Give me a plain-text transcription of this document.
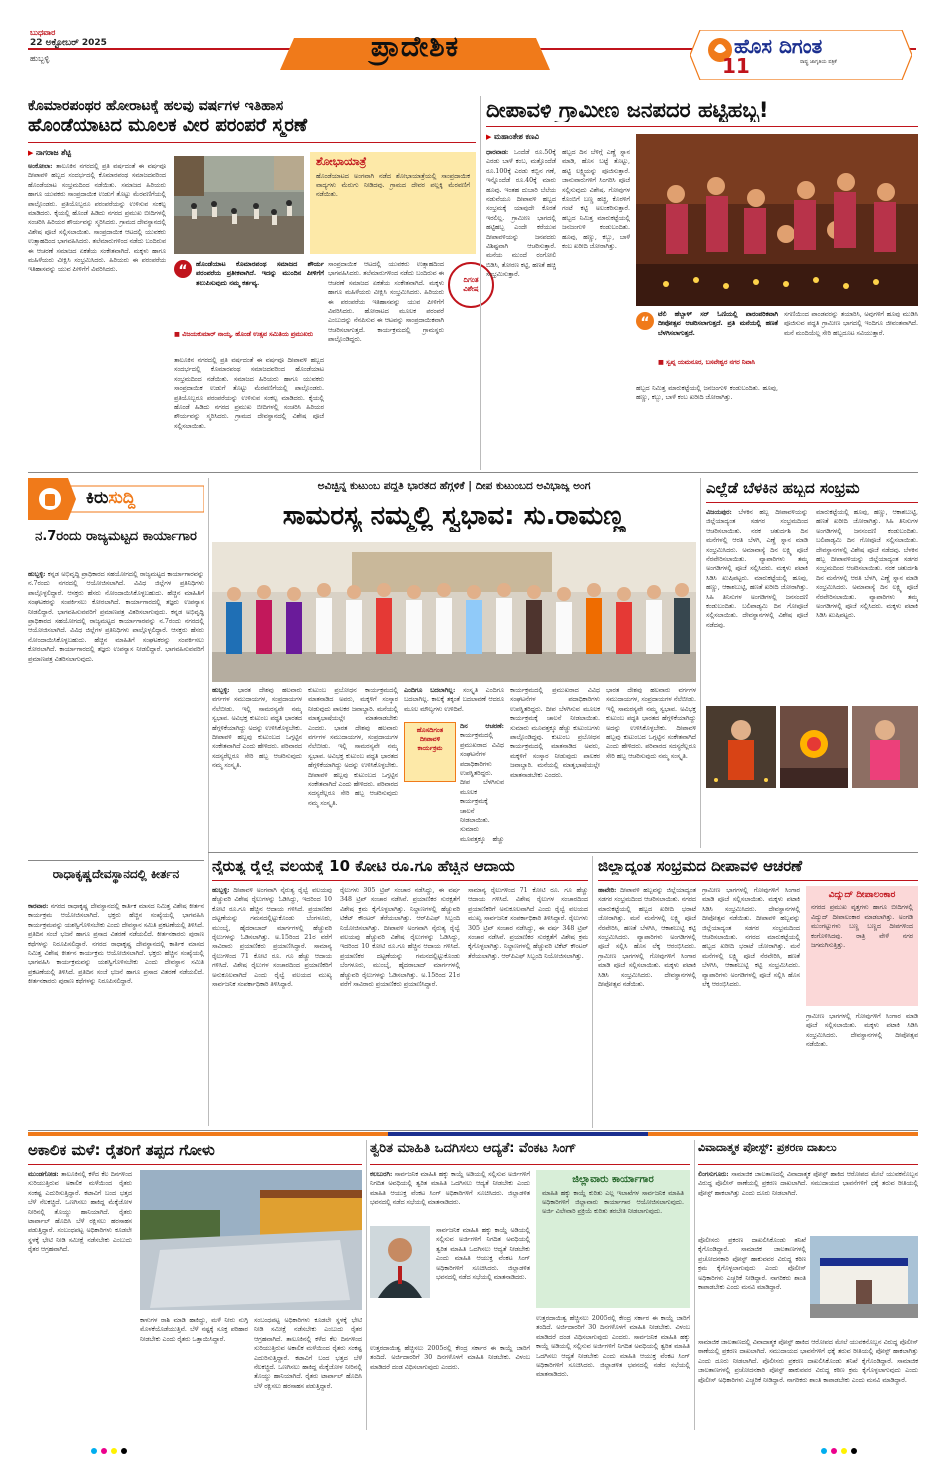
ಬುಧವಾರ
22 ಅಕ್ಟೋಬರ್ 2025
ಹುಬ್ಬಳ್ಳಿ	ಪ್ರಾದೇಶಿಕ	ಹೊಸ ದಿಗಂತ
ರಾಷ್ಟ್ರ ಜಾಗೃತಿಯ ಪತ್ರಿಕೆ
11
ಕೊಮಾರಪಂಥರ ಹೋರಾಟಕ್ಕೆ ಹಲವು ವರ್ಷಗಳ ಇತಿಹಾಸ
ಹೊಂಡೆಯಾಟದ ಮೂಲಕ ವೀರ ಪರಂಪರೆ ಸ್ಮರಣೆ
▶ ನಾಗರಾಜ ಶೆಟ್ಟಿ
ಅಂಕೋಲಾ: ತಾಲೂಕಿನ ನಗರದಲ್ಲಿ ಪ್ರತಿ ವರ್ಷದಂತೆ ಈ ವರ್ಷವೂ ದೀಪಾವಳಿ ಹಬ್ಬದ ಸಂದರ್ಭದಲ್ಲಿ ಕೊಮಾರಪಂಥ ಸಮಾಜದವರಿಂದ ಹೊಂಡೆಯಾಟ ಸಂಭ್ರಮದಿಂದ ನಡೆಯಿತು. ಸಮಾಜದ ಹಿರಿಯರು ಹಾಗೂ ಯುವಕರು ಸಾಂಪ್ರದಾಯಿಕ ಉಡುಗೆ ತೊಟ್ಟು ಮೆರವಣಿಗೆಯಲ್ಲಿ ಪಾಲ್ಗೊಂಡರು. ಪ್ರತಿಯೊಬ್ಬರೂ ಪರಂಪರೆಯನ್ನು ಉಳಿಸುವ ಸಂಕಲ್ಪ ಮಾಡಿದರು. ಕೈಯಲ್ಲಿ ಹೊಂಡೆ ಹಿಡಿದು ನಗರದ ಪ್ರಮುಖ ಬೀದಿಗಳಲ್ಲಿ ಸಂಚರಿಸಿ ಹಿರಿಯರ ಶೌರ್ಯವನ್ನು ಸ್ಮರಿಸಿದರು. ಗ್ರಾಮದ ದೇವಸ್ಥಾನದಲ್ಲಿ ವಿಶೇಷ ಪೂಜೆ ಸಲ್ಲಿಸಲಾಯಿತು. ಸಾಂಪ್ರದಾಯಿಕ ಆಟದಲ್ಲಿ ಯುವಕರು ಉತ್ಸಾಹದಿಂದ ಭಾಗವಹಿಸಿದರು. ತಲೆಮಾರುಗಳಿಂದ ನಡೆದು ಬಂದಿರುವ ಈ ಆಚರಣೆ ಸಮಾಜದ ಏಕತೆಯ ಸಂಕೇತವಾಗಿದೆ. ಮಕ್ಕಳು ಹಾಗೂ ಮಹಿಳೆಯರು ವೀಕ್ಷಿಸಿ ಸಂಭ್ರಮಿಸಿದರು. ಹಿರಿಯರು ಈ ಪರಂಪರೆಯ ಇತಿಹಾಸವನ್ನು ಯುವ ಪೀಳಿಗೆಗೆ ವಿವರಿಸಿದರು.
ಶೋಭಾಯಾತ್ರೆ
ಹೊಂಡೆಯಾಟದ ಅಂಗವಾಗಿ ನಡೆದ ಶೋಭಾಯಾತ್ರೆಯಲ್ಲಿ ಸಾಂಪ್ರದಾಯಿಕ ವಾದ್ಯಗಳು ಮೆರುಗು ನೀಡಿದವು. ಗ್ರಾಮದ ದೇವರ ಪಲ್ಲಕ್ಕಿ ಮೆರವಣಿಗೆ ನಡೆಯಿತು.
“	ಹೊಂಡೆಯಾಟ ಕೊಮಾರಪಂಥ ಸಮಾಜದ ಶೌರ್ಯ ಪರಂಪರೆಯ ಪ್ರತೀಕವಾಗಿದೆ. ಇದನ್ನು ಮುಂದಿನ ಪೀಳಿಗೆಗೆ ತಲುಪಿಸುವುದು ನಮ್ಮ ಕರ್ತವ್ಯ.
■ ವಿಜಯಕುಮಾರ್ ನಾಯ್ಕ, ಹೊಂಡೆ ಉತ್ಸವ ಸಮಿತಿಯ ಪ್ರಮುಖರು
ದಿಗಂತ
ವಿಶೇಷ
ಸಾಂಪ್ರದಾಯಿಕ ಆಟದಲ್ಲಿ ಯುವಕರು ಉತ್ಸಾಹದಿಂದ ಭಾಗವಹಿಸಿದರು. ತಲೆಮಾರುಗಳಿಂದ ನಡೆದು ಬಂದಿರುವ ಈ ಆಚರಣೆ ಸಮಾಜದ ಏಕತೆಯ ಸಂಕೇತವಾಗಿದೆ. ಮಕ್ಕಳು ಹಾಗೂ ಮಹಿಳೆಯರು ವೀಕ್ಷಿಸಿ ಸಂಭ್ರಮಿಸಿದರು. ಹಿರಿಯರು ಈ ಪರಂಪರೆಯ ಇತಿಹಾಸವನ್ನು ಯುವ ಪೀಳಿಗೆಗೆ ವಿವರಿಸಿದರು. ಹೋರಾಟದ ಮೂಲಕ ಪರಂಪರೆ ಎಂಬುದನ್ನು ನೆನಪಿಸುವ ಈ ಆಟವನ್ನು ಸಾಂಪ್ರದಾಯಿಕವಾಗಿ ಆಚರಿಸಲಾಗುತ್ತದೆ. ಕಾರ್ಯಕ್ರಮದಲ್ಲಿ ಗ್ರಾಮಸ್ಥರು ಪಾಲ್ಗೊಂಡಿದ್ದರು.
ತಾಲೂಕಿನ ನಗರದಲ್ಲಿ ಪ್ರತಿ ವರ್ಷದಂತೆ ಈ ವರ್ಷವೂ ದೀಪಾವಳಿ ಹಬ್ಬದ ಸಂದರ್ಭದಲ್ಲಿ ಕೊಮಾರಪಂಥ ಸಮಾಜದವರಿಂದ ಹೊಂಡೆಯಾಟ ಸಂಭ್ರಮದಿಂದ ನಡೆಯಿತು. ಸಮಾಜದ ಹಿರಿಯರು ಹಾಗೂ ಯುವಕರು ಸಾಂಪ್ರದಾಯಿಕ ಉಡುಗೆ ತೊಟ್ಟು ಮೆರವಣಿಗೆಯಲ್ಲಿ ಪಾಲ್ಗೊಂಡರು. ಪ್ರತಿಯೊಬ್ಬರೂ ಪರಂಪರೆಯನ್ನು ಉಳಿಸುವ ಸಂಕಲ್ಪ ಮಾಡಿದರು. ಕೈಯಲ್ಲಿ ಹೊಂಡೆ ಹಿಡಿದು ನಗರದ ಪ್ರಮುಖ ಬೀದಿಗಳಲ್ಲಿ ಸಂಚರಿಸಿ ಹಿರಿಯರ ಶೌರ್ಯವನ್ನು ಸ್ಮರಿಸಿದರು. ಗ್ರಾಮದ ದೇವಸ್ಥಾನದಲ್ಲಿ ವಿಶೇಷ ಪೂಜೆ ಸಲ್ಲಿಸಲಾಯಿತು.
ದೀಪಾವಳಿ ಗ್ರಾಮೀಣ ಜನಪದರ ಹಟ್ಟಿಹಬ್ಬ!
▶ ಮಹಾಂತೇಶ ಕಣವಿ
ಧಾರವಾಡ: ಒಂದೆಡೆ ರೂ.50ಕ್ಕೆ ಎರಡು ಬಾಳೆ ಕಂಬ, ಮತ್ತೊಂದೆಡೆ ರೂ.100ಕ್ಕೆ ಎರಡು ಕಬ್ಬಿನ ಗಣೆ, ಇನ್ನೊಂದೆಡೆ ರೂ.40ಕ್ಕೆ ಮಾರು ಹೂವು. ಇಂತಹ ದುಬಾರಿ ಬೆಲೆಯ ನಡುವೆಯೂ ದೀಪಾವಳಿ ಹಬ್ಬದ ಸಂಭ್ರಮಕ್ಕೆ ಯಾವುದೇ ಕೊರತೆ ಇರಲಿಲ್ಲ. ಗ್ರಾಮೀಣ ಭಾಗದಲ್ಲಿ ಹಟ್ಟಿಹಬ್ಬ ಎಂದೇ ಕರೆಯುವ ದೀಪಾವಳಿಯನ್ನು ಜನಪದರು ವಿಶಿಷ್ಟವಾಗಿ ಆಚರಿಸುತ್ತಾರೆ. ಮನೆಯ ಮುಂದೆ ರಂಗೋಲಿ ಬಿಡಿಸಿ, ತೋರಣ ಕಟ್ಟಿ, ಹಣತೆ ಹಚ್ಚಿ ಸಂಭ್ರಮಿಸುತ್ತಾರೆ.
ಹಬ್ಬದ ದಿನ ಬೆಳಿಗ್ಗೆ ಎಣ್ಣೆ ಸ್ನಾನ ಮಾಡಿ, ಹೊಸ ಬಟ್ಟೆ ತೊಟ್ಟು, ಹಟ್ಟಿ ಲಕ್ಷ್ಮಿಯನ್ನು ಪೂಜಿಸುತ್ತಾರೆ. ಜಾನುವಾರುಗಳಿಗೆ ಸಿಂಗರಿಸಿ ಪೂಜೆ ಸಲ್ಲಿಸುವುದು ವಿಶೇಷ. ಗೋವುಗಳ ಕೊಂಬಿಗೆ ಬಣ್ಣ ಹಚ್ಚಿ, ಕೊರಳಿಗೆ ಗಂಟೆ ಕಟ್ಟಿ ಅಲಂಕರಿಸುತ್ತಾರೆ. ಹಬ್ಬದ ನಿಮಿತ್ತ ಮಾರುಕಟ್ಟೆಯಲ್ಲಿ ಜನಜಂಗುಳಿ ಕಂಡುಬಂದಿತು. ಹೂವು, ಹಣ್ಣು, ಕಬ್ಬು, ಬಾಳೆ ಕಂಬ ಖರೀದಿ ಜೋರಾಗಿತ್ತು.
“
ಟೆಲಿ ಹೆಬ್ಬಾಳ್ ಸರ್ ಓಣಿಯಲ್ಲಿ ಪಾರಂಪರಿಕವಾಗಿ ದೀಪೋತ್ಸವ ಆಚರಿಸಲಾಗುತ್ತದೆ. ಪ್ರತಿ ಮನೆಯಲ್ಲಿ ಹಣತೆ ಬೆಳಗಿಸಲಾಗುತ್ತದೆ.
■ ಸ್ವಪ್ನ ಯಮನೂರ, ಬಸವೇಶ್ವರ ನಗರ ನಿವಾಸಿ
ಹಬ್ಬದ ನಿಮಿತ್ತ ಮಾರುಕಟ್ಟೆಯಲ್ಲಿ ಜನಜಂಗುಳಿ ಕಂಡುಬಂದಿತು. ಹೂವು, ಹಣ್ಣು, ಕಬ್ಬು, ಬಾಳೆ ಕಂಬ ಖರೀದಿ ಜೋರಾಗಿತ್ತು.
ಸಗಣಿಯಿಂದ ಪಾಂಡವರನ್ನು ತಯಾರಿಸಿ, ಅವುಗಳಿಗೆ ಹೂವು ಮುಡಿಸಿ ಪೂಜಿಸುವ ಪದ್ಧತಿ ಗ್ರಾಮೀಣ ಭಾಗದಲ್ಲಿ ಇಂದಿಗೂ ಜೀವಂತವಾಗಿದೆ. ಮನೆ ಮಂದಿಯೆಲ್ಲ ಸೇರಿ ಹಬ್ಬದೂಟ ಸವಿಯುತ್ತಾರೆ.
ಕಿರುಸುದ್ದಿ
ನ.7ರಂದು ರಾಜ್ಯಮಟ್ಟದ ಕಾರ್ಯಾಗಾರ
ಹುಬ್ಬಳ್ಳಿ: ಕನ್ನಡ ಅಭಿವೃದ್ಧಿ ಪ್ರಾಧಿಕಾರದ ಸಹಯೋಗದಲ್ಲಿ ರಾಜ್ಯಮಟ್ಟದ ಕಾರ್ಯಾಗಾರವನ್ನು ನ.7ರಂದು ನಗರದಲ್ಲಿ ಆಯೋಜಿಸಲಾಗಿದೆ. ವಿವಿಧ ಜಿಲ್ಲೆಗಳ ಪ್ರತಿನಿಧಿಗಳು ಪಾಲ್ಗೊಳ್ಳಲಿದ್ದಾರೆ. ಆಸಕ್ತರು ಹೆಸರು ನೋಂದಾಯಿಸಿಕೊಳ್ಳಬಹುದು. ಹೆಚ್ಚಿನ ಮಾಹಿತಿಗೆ ಸಂಘಟಕರನ್ನು ಸಂಪರ್ಕಿಸಲು ಕೋರಲಾಗಿದೆ. ಕಾರ್ಯಾಗಾರದಲ್ಲಿ ತಜ್ಞರು ಉಪನ್ಯಾಸ ನೀಡಲಿದ್ದಾರೆ. ಭಾಗವಹಿಸುವವರಿಗೆ ಪ್ರಮಾಣಪತ್ರ ವಿತರಿಸಲಾಗುವುದು. ಕನ್ನಡ ಅಭಿವೃದ್ಧಿ ಪ್ರಾಧಿಕಾರದ ಸಹಯೋಗದಲ್ಲಿ ರಾಜ್ಯಮಟ್ಟದ ಕಾರ್ಯಾಗಾರವನ್ನು ನ.7ರಂದು ನಗರದಲ್ಲಿ ಆಯೋಜಿಸಲಾಗಿದೆ. ವಿವಿಧ ಜಿಲ್ಲೆಗಳ ಪ್ರತಿನಿಧಿಗಳು ಪಾಲ್ಗೊಳ್ಳಲಿದ್ದಾರೆ. ಆಸಕ್ತರು ಹೆಸರು ನೋಂದಾಯಿಸಿಕೊಳ್ಳಬಹುದು. ಹೆಚ್ಚಿನ ಮಾಹಿತಿಗೆ ಸಂಘಟಕರನ್ನು ಸಂಪರ್ಕಿಸಲು ಕೋರಲಾಗಿದೆ. ಕಾರ್ಯಾಗಾರದಲ್ಲಿ ತಜ್ಞರು ಉಪನ್ಯಾಸ ನೀಡಲಿದ್ದಾರೆ. ಭಾಗವಹಿಸುವವರಿಗೆ ಪ್ರಮಾಣಪತ್ರ ವಿತರಿಸಲಾಗುವುದು.
ರಾಧಾಕೃಷ್ಣದೇವಸ್ಥಾನದಲ್ಲಿ ಕೀರ್ತನ
ಕಾರವಾರ: ನಗರದ ರಾಧಾಕೃಷ್ಣ ದೇವಸ್ಥಾನದಲ್ಲಿ ಕಾರ್ತಿಕ ಮಾಸದ ನಿಮಿತ್ತ ವಿಶೇಷ ಕೀರ್ತನ ಕಾರ್ಯಕ್ರಮ ಆಯೋಜಿಸಲಾಗಿದೆ. ಭಕ್ತರು ಹೆಚ್ಚಿನ ಸಂಖ್ಯೆಯಲ್ಲಿ ಭಾಗವಹಿಸಿ ಕಾರ್ಯಕ್ರಮವನ್ನು ಯಶಸ್ವಿಗೊಳಿಸಬೇಕು ಎಂದು ದೇವಸ್ಥಾನ ಸಮಿತಿ ಪ್ರಕಟಣೆಯಲ್ಲಿ ತಿಳಿಸಿದೆ. ಪ್ರತಿದಿನ ಸಂಜೆ ಭಜನೆ ಹಾಗೂ ಪ್ರಸಾದ ವಿತರಣೆ ನಡೆಯಲಿದೆ. ಕೀರ್ತನಕಾರರು ಪುರಾಣ ಕಥೆಗಳನ್ನು ನಿರೂಪಿಸಲಿದ್ದಾರೆ. ನಗರದ ರಾಧಾಕೃಷ್ಣ ದೇವಸ್ಥಾನದಲ್ಲಿ ಕಾರ್ತಿಕ ಮಾಸದ ನಿಮಿತ್ತ ವಿಶೇಷ ಕೀರ್ತನ ಕಾರ್ಯಕ್ರಮ ಆಯೋಜಿಸಲಾಗಿದೆ. ಭಕ್ತರು ಹೆಚ್ಚಿನ ಸಂಖ್ಯೆಯಲ್ಲಿ ಭಾಗವಹಿಸಿ ಕಾರ್ಯಕ್ರಮವನ್ನು ಯಶಸ್ವಿಗೊಳಿಸಬೇಕು ಎಂದು ದೇವಸ್ಥಾನ ಸಮಿತಿ ಪ್ರಕಟಣೆಯಲ್ಲಿ ತಿಳಿಸಿದೆ. ಪ್ರತಿದಿನ ಸಂಜೆ ಭಜನೆ ಹಾಗೂ ಪ್ರಸಾದ ವಿತರಣೆ ನಡೆಯಲಿದೆ. ಕೀರ್ತನಕಾರರು ಪುರಾಣ ಕಥೆಗಳನ್ನು ನಿರೂಪಿಸಲಿದ್ದಾರೆ.
ಅವಿಚ್ಛಿನ್ನ ಕುಟುಂಬ ಪದ್ಧತಿ ಭಾರತದ ಹೆಗ್ಗಳಿಕೆ | ದೀಪ ಕುಟುಂಬದ ಅವಿಭಾಜ್ಯ ಅಂಗ
ಸಾಮರಸ್ಯ ನಮ್ಮಲ್ಲಿ ಸ್ವಭಾವ: ಸು.ರಾಮಣ್ಣ
ಹುಬ್ಬಳ್ಳಿ: ಭಾರತ ದೇಶವು ಹಲವಾರು ವರ್ಗಗಳ ಸಮುದಾಯಗಳ, ಸಂಪ್ರದಾಯಗಳ ನೆಲೆಬೀಡು. ಇಲ್ಲಿ ಸಾಮರಸ್ಯವೇ ನಮ್ಮ ಸ್ವಭಾವ. ಅವಿಭಕ್ತ ಕುಟುಂಬ ಪದ್ಧತಿ ಭಾರತದ ಹೆಗ್ಗಳಿಕೆಯಾಗಿದ್ದು ಅದನ್ನು ಉಳಿಸಿಕೊಳ್ಳಬೇಕು. ದೀಪಾವಳಿ ಹಬ್ಬವು ಕುಟುಂಬದ ಒಗ್ಗಟ್ಟಿನ ಸಂಕೇತವಾಗಿದೆ ಎಂದು ಹೇಳಿದರು. ಪರಿವಾರದ ಸದಸ್ಯರೆಲ್ಲರೂ ಸೇರಿ ಹಬ್ಬ ಆಚರಿಸುವುದು ನಮ್ಮ ಸಂಸ್ಕೃತಿ.
ಕುಟುಂಬ ಪ್ರಬೋಧನ ಕಾರ್ಯಕ್ರಮದಲ್ಲಿ ಮಾತನಾಡಿದ ಅವರು, ಮಕ್ಕಳಿಗೆ ಸಂಸ್ಕಾರ ನೀಡುವುದು ಪಾಲಕರ ಜವಾಬ್ದಾರಿ. ಮನೆಯಲ್ಲಿ ಮಾತೃಭಾಷೆಯಲ್ಲೇ ಮಾತನಾಡಬೇಕು ಎಂದರು. ಭಾರತ ದೇಶವು ಹಲವಾರು ವರ್ಗಗಳ ಸಮುದಾಯಗಳ, ಸಂಪ್ರದಾಯಗಳ ನೆಲೆಬೀಡು. ಇಲ್ಲಿ ಸಾಮರಸ್ಯವೇ ನಮ್ಮ ಸ್ವಭಾವ. ಅವಿಭಕ್ತ ಕುಟುಂಬ ಪದ್ಧತಿ ಭಾರತದ ಹೆಗ್ಗಳಿಕೆಯಾಗಿದ್ದು ಅದನ್ನು ಉಳಿಸಿಕೊಳ್ಳಬೇಕು. ದೀಪಾವಳಿ ಹಬ್ಬವು ಕುಟುಂಬದ ಒಗ್ಗಟ್ಟಿನ ಸಂಕೇತವಾಗಿದೆ ಎಂದು ಹೇಳಿದರು. ಪರಿವಾರದ ಸದಸ್ಯರೆಲ್ಲರೂ ಸೇರಿ ಹಬ್ಬ ಆಚರಿಸುವುದು ನಮ್ಮ ಸಂಸ್ಕೃತಿ.
ಹೊಸದಿಗಂತ ದೀಪಾವಳಿ ಕಾರ್ಯಕ್ರಮ
ಎಂದಿಗೂ ಬದಲಾಗಿಲ್ಲ: ಸಂಸ್ಕೃತಿ ಎಂದಿಗೂ ಬದಲಾಗಿಲ್ಲ. ಕಾಲಕ್ಕೆ ತಕ್ಕಂತೆ ಬದಲಾವಣೆ ಆದರೂ ಮೂಲ ಮೌಲ್ಯಗಳು ಉಳಿದಿವೆ.
ದಿನ ಆಚರಣೆ: ಕಾರ್ಯಕ್ರಮದಲ್ಲಿ ಪ್ರಮುಖರಾದ ವಿವಿಧ ಸಂಘಟನೆಗಳ ಪದಾಧಿಕಾರಿಗಳು ಉಪಸ್ಥಿತರಿದ್ದರು. ದೀಪ ಬೆಳಗಿಸುವ ಮೂಲಕ ಕಾರ್ಯಕ್ರಮಕ್ಕೆ ಚಾಲನೆ ನೀಡಲಾಯಿತು. ಸುಮಾರು ಮೂವತ್ತಕ್ಕೂ ಹೆಚ್ಚು
ಕಾರ್ಯಕ್ರಮದಲ್ಲಿ ಪ್ರಮುಖರಾದ ವಿವಿಧ ಸಂಘಟನೆಗಳ ಪದಾಧಿಕಾರಿಗಳು ಉಪಸ್ಥಿತರಿದ್ದರು. ದೀಪ ಬೆಳಗಿಸುವ ಮೂಲಕ ಕಾರ್ಯಕ್ರಮಕ್ಕೆ ಚಾಲನೆ ನೀಡಲಾಯಿತು. ಸುಮಾರು ಮೂವತ್ತಕ್ಕೂ ಹೆಚ್ಚು ಕುಟುಂಬಗಳು ಪಾಲ್ಗೊಂಡಿದ್ದವು. ಕುಟುಂಬ ಪ್ರಬೋಧನ ಕಾರ್ಯಕ್ರಮದಲ್ಲಿ ಮಾತನಾಡಿದ ಅವರು, ಮಕ್ಕಳಿಗೆ ಸಂಸ್ಕಾರ ನೀಡುವುದು ಪಾಲಕರ ಜವಾಬ್ದಾರಿ. ಮನೆಯಲ್ಲಿ ಮಾತೃಭಾಷೆಯಲ್ಲೇ ಮಾತನಾಡಬೇಕು ಎಂದರು.
ಭಾರತ ದೇಶವು ಹಲವಾರು ವರ್ಗಗಳ ಸಮುದಾಯಗಳ, ಸಂಪ್ರದಾಯಗಳ ನೆಲೆಬೀಡು. ಇಲ್ಲಿ ಸಾಮರಸ್ಯವೇ ನಮ್ಮ ಸ್ವಭಾವ. ಅವಿಭಕ್ತ ಕುಟುಂಬ ಪದ್ಧತಿ ಭಾರತದ ಹೆಗ್ಗಳಿಕೆಯಾಗಿದ್ದು ಅದನ್ನು ಉಳಿಸಿಕೊಳ್ಳಬೇಕು. ದೀಪಾವಳಿ ಹಬ್ಬವು ಕುಟುಂಬದ ಒಗ್ಗಟ್ಟಿನ ಸಂಕೇತವಾಗಿದೆ ಎಂದು ಹೇಳಿದರು. ಪರಿವಾರದ ಸದಸ್ಯರೆಲ್ಲರೂ ಸೇರಿ ಹಬ್ಬ ಆಚರಿಸುವುದು ನಮ್ಮ ಸಂಸ್ಕೃತಿ.
ಎಲ್ಲೆಡೆ ಬೆಳಕಿನ ಹಬ್ಬದ ಸಂಭ್ರಮ
ವಿಜಯಪುರ: ಬೆಳಕಿನ ಹಬ್ಬ ದೀಪಾವಳಿಯನ್ನು ಜಿಲ್ಲೆಯಾದ್ಯಂತ ಸಡಗರ ಸಂಭ್ರಮದಿಂದ ಆಚರಿಸಲಾಯಿತು. ನರಕ ಚತುರ್ದಶಿ ದಿನ ಮನೆಗಳಲ್ಲಿ ಆರತಿ ಬೆಳಗಿ, ಎಣ್ಣೆ ಸ್ನಾನ ಮಾಡಿ ಸಂಭ್ರಮಿಸಿದರು. ಅಮಾವಾಸ್ಯೆ ದಿನ ಲಕ್ಷ್ಮಿ ಪೂಜೆ ನೆರವೇರಿಸಲಾಯಿತು. ವ್ಯಾಪಾರಿಗಳು ತಮ್ಮ ಅಂಗಡಿಗಳಲ್ಲಿ ಪೂಜೆ ಸಲ್ಲಿಸಿದರು. ಮಕ್ಕಳು ಪಟಾಕಿ ಸಿಡಿಸಿ ಖುಷಿಪಟ್ಟರು. ಮಾರುಕಟ್ಟೆಯಲ್ಲಿ ಹೂವು, ಹಣ್ಣು, ಆಕಾಶಬುಟ್ಟಿ, ಹಣತೆ ಖರೀದಿ ಜೋರಾಗಿತ್ತು. ಸಿಹಿ ತಿನಿಸುಗಳ ಅಂಗಡಿಗಳಲ್ಲಿ ಜನಸಂದಣಿ ಕಂಡುಬಂದಿತು. ಬಲಿಪಾಡ್ಯಮಿ ದಿನ ಗೋಪೂಜೆ ಸಲ್ಲಿಸಲಾಯಿತು. ದೇವಸ್ಥಾನಗಳಲ್ಲಿ ವಿಶೇಷ ಪೂಜೆ ನಡೆದವು.
ಮಾರುಕಟ್ಟೆಯಲ್ಲಿ ಹೂವು, ಹಣ್ಣು, ಆಕಾಶಬುಟ್ಟಿ, ಹಣತೆ ಖರೀದಿ ಜೋರಾಗಿತ್ತು. ಸಿಹಿ ತಿನಿಸುಗಳ ಅಂಗಡಿಗಳಲ್ಲಿ ಜನಸಂದಣಿ ಕಂಡುಬಂದಿತು. ಬಲಿಪಾಡ್ಯಮಿ ದಿನ ಗೋಪೂಜೆ ಸಲ್ಲಿಸಲಾಯಿತು. ದೇವಸ್ಥಾನಗಳಲ್ಲಿ ವಿಶೇಷ ಪೂಜೆ ನಡೆದವು. ಬೆಳಕಿನ ಹಬ್ಬ ದೀಪಾವಳಿಯನ್ನು ಜಿಲ್ಲೆಯಾದ್ಯಂತ ಸಡಗರ ಸಂಭ್ರಮದಿಂದ ಆಚರಿಸಲಾಯಿತು. ನರಕ ಚತುರ್ದಶಿ ದಿನ ಮನೆಗಳಲ್ಲಿ ಆರತಿ ಬೆಳಗಿ, ಎಣ್ಣೆ ಸ್ನಾನ ಮಾಡಿ ಸಂಭ್ರಮಿಸಿದರು. ಅಮಾವಾಸ್ಯೆ ದಿನ ಲಕ್ಷ್ಮಿ ಪೂಜೆ ನೆರವೇರಿಸಲಾಯಿತು. ವ್ಯಾಪಾರಿಗಳು ತಮ್ಮ ಅಂಗಡಿಗಳಲ್ಲಿ ಪೂಜೆ ಸಲ್ಲಿಸಿದರು. ಮಕ್ಕಳು ಪಟಾಕಿ ಸಿಡಿಸಿ ಖುಷಿಪಟ್ಟರು.
ನೈರುತ್ಯ ರೈಲ್ವೆ ವಲಯಕ್ಕೆ 10 ಕೋಟಿ ರೂ.ಗೂ ಹೆಚ್ಚಿನ ಆದಾಯ
ಹುಬ್ಬಳ್ಳಿ: ದೀಪಾವಳಿ ಅಂಗವಾಗಿ ನೈರುತ್ಯ ರೈಲ್ವೆ ವಲಯವು ಹೆಚ್ಚುವರಿ ವಿಶೇಷ ರೈಲುಗಳನ್ನು ಓಡಿಸಿದ್ದು, ಇದರಿಂದ 10 ಕೋಟಿ ರೂ.ಗೂ ಹೆಚ್ಚಿನ ಆದಾಯ ಗಳಿಸಿದೆ. ಪ್ರಯಾಣಿಕರ ದಟ್ಟಣೆಯನ್ನು ಗಮನದಲ್ಲಿಟ್ಟುಕೊಂಡು ಬೆಂಗಳೂರು, ಮುಂಬೈ, ಹೈದರಾಬಾದ್ ಮಾರ್ಗಗಳಲ್ಲಿ ಹೆಚ್ಚುವರಿ ರೈಲುಗಳನ್ನು ಓಡಿಸಲಾಗಿತ್ತು. ಅ.15ರಿಂದ 21ರ ವರೆಗೆ ಸಾವಿರಾರು ಪ್ರಯಾಣಿಕರು ಪ್ರಯಾಣಿಸಿದ್ದಾರೆ. ಸಾಮಾನ್ಯ ರೈಲುಗಳಿಂದ 71 ಕೋಟಿ ರೂ. ಗೂ ಹೆಚ್ಚು ಆದಾಯ ಗಳಿಸಿದೆ. ವಿಶೇಷ ರೈಲುಗಳ ಸಂಚಾರದಿಂದ ಪ್ರಯಾಣಿಕರಿಗೆ ಅನುಕೂಲವಾಗಿದೆ ಎಂದು ರೈಲ್ವೆ ವಲಯದ ಮುಖ್ಯ ಸಾರ್ವಜನಿಕ ಸಂಪರ್ಕಾಧಿಕಾರಿ ತಿಳಿಸಿದ್ದಾರೆ.
ರೈಲುಗಳು 305 ಟ್ರಿಪ್ ಸಂಚಾರ ನಡೆಸಿದ್ದು, ಈ ವರ್ಷ 348 ಟ್ರಿಪ್ ಸಂಚಾರ ನಡೆಸಿವೆ. ಪ್ರಯಾಣಿಕರ ಸುರಕ್ಷತೆಗೆ ವಿಶೇಷ ಕ್ರಮ ಕೈಗೊಳ್ಳಲಾಗಿತ್ತು. ನಿಲ್ದಾಣಗಳಲ್ಲಿ ಹೆಚ್ಚುವರಿ ಟಿಕೆಟ್ ಕೌಂಟರ್ ತೆರೆಯಲಾಗಿತ್ತು. ಆರ್‌ಪಿಎಫ್ ಸಿಬ್ಬಂದಿ ನಿಯೋಜಿಸಲಾಗಿತ್ತು. ದೀಪಾವಳಿ ಅಂಗವಾಗಿ ನೈರುತ್ಯ ರೈಲ್ವೆ ವಲಯವು ಹೆಚ್ಚುವರಿ ವಿಶೇಷ ರೈಲುಗಳನ್ನು ಓಡಿಸಿದ್ದು, ಇದರಿಂದ 10 ಕೋಟಿ ರೂ.ಗೂ ಹೆಚ್ಚಿನ ಆದಾಯ ಗಳಿಸಿದೆ. ಪ್ರಯಾಣಿಕರ ದಟ್ಟಣೆಯನ್ನು ಗಮನದಲ್ಲಿಟ್ಟುಕೊಂಡು ಬೆಂಗಳೂರು, ಮುಂಬೈ, ಹೈದರಾಬಾದ್ ಮಾರ್ಗಗಳಲ್ಲಿ ಹೆಚ್ಚುವರಿ ರೈಲುಗಳನ್ನು ಓಡಿಸಲಾಗಿತ್ತು. ಅ.15ರಿಂದ 21ರ ವರೆಗೆ ಸಾವಿರಾರು ಪ್ರಯಾಣಿಕರು ಪ್ರಯಾಣಿಸಿದ್ದಾರೆ.
ಸಾಮಾನ್ಯ ರೈಲುಗಳಿಂದ 71 ಕೋಟಿ ರೂ. ಗೂ ಹೆಚ್ಚು ಆದಾಯ ಗಳಿಸಿದೆ. ವಿಶೇಷ ರೈಲುಗಳ ಸಂಚಾರದಿಂದ ಪ್ರಯಾಣಿಕರಿಗೆ ಅನುಕೂಲವಾಗಿದೆ ಎಂದು ರೈಲ್ವೆ ವಲಯದ ಮುಖ್ಯ ಸಾರ್ವಜನಿಕ ಸಂಪರ್ಕಾಧಿಕಾರಿ ತಿಳಿಸಿದ್ದಾರೆ. ರೈಲುಗಳು 305 ಟ್ರಿಪ್ ಸಂಚಾರ ನಡೆಸಿದ್ದು, ಈ ವರ್ಷ 348 ಟ್ರಿಪ್ ಸಂಚಾರ ನಡೆಸಿವೆ. ಪ್ರಯಾಣಿಕರ ಸುರಕ್ಷತೆಗೆ ವಿಶೇಷ ಕ್ರಮ ಕೈಗೊಳ್ಳಲಾಗಿತ್ತು. ನಿಲ್ದಾಣಗಳಲ್ಲಿ ಹೆಚ್ಚುವರಿ ಟಿಕೆಟ್ ಕೌಂಟರ್ ತೆರೆಯಲಾಗಿತ್ತು. ಆರ್‌ಪಿಎಫ್ ಸಿಬ್ಬಂದಿ ನಿಯೋಜಿಸಲಾಗಿತ್ತು.
ಜಿಲ್ಲಾದ್ಯಂತ ಸಂಭ್ರಮದ ದೀಪಾವಳಿ ಆಚರಣೆ
ಹಾವೇರಿ: ದೀಪಾವಳಿ ಹಬ್ಬವನ್ನು ಜಿಲ್ಲೆಯಾದ್ಯಂತ ಸಡಗರ ಸಂಭ್ರಮದಿಂದ ಆಚರಿಸಲಾಯಿತು. ನಗರದ ಮಾರುಕಟ್ಟೆಯಲ್ಲಿ ಹಬ್ಬದ ಖರೀದಿ ಭರಾಟೆ ಜೋರಾಗಿತ್ತು. ಮನೆ ಮನೆಗಳಲ್ಲಿ ಲಕ್ಷ್ಮಿ ಪೂಜೆ ನೆರವೇರಿಸಿ, ಹಣತೆ ಬೆಳಗಿಸಿ, ಆಕಾಶಬುಟ್ಟಿ ಕಟ್ಟಿ ಸಂಭ್ರಮಿಸಿದರು. ವ್ಯಾಪಾರಿಗಳು ಅಂಗಡಿಗಳಲ್ಲಿ ಪೂಜೆ ಸಲ್ಲಿಸಿ ಹೊಸ ಲೆಕ್ಕ ಆರಂಭಿಸಿದರು. ಗ್ರಾಮೀಣ ಭಾಗಗಳಲ್ಲಿ ಗೋವುಗಳಿಗೆ ಸಿಂಗಾರ ಮಾಡಿ ಪೂಜೆ ಸಲ್ಲಿಸಲಾಯಿತು. ಮಕ್ಕಳು ಪಟಾಕಿ ಸಿಡಿಸಿ ಸಂಭ್ರಮಿಸಿದರು. ದೇವಸ್ಥಾನಗಳಲ್ಲಿ ದೀಪೋತ್ಸವ ನಡೆಯಿತು.
ಗ್ರಾಮೀಣ ಭಾಗಗಳಲ್ಲಿ ಗೋವುಗಳಿಗೆ ಸಿಂಗಾರ ಮಾಡಿ ಪೂಜೆ ಸಲ್ಲಿಸಲಾಯಿತು. ಮಕ್ಕಳು ಪಟಾಕಿ ಸಿಡಿಸಿ ಸಂಭ್ರಮಿಸಿದರು. ದೇವಸ್ಥಾನಗಳಲ್ಲಿ ದೀಪೋತ್ಸವ ನಡೆಯಿತು. ದೀಪಾವಳಿ ಹಬ್ಬವನ್ನು ಜಿಲ್ಲೆಯಾದ್ಯಂತ ಸಡಗರ ಸಂಭ್ರಮದಿಂದ ಆಚರಿಸಲಾಯಿತು. ನಗರದ ಮಾರುಕಟ್ಟೆಯಲ್ಲಿ ಹಬ್ಬದ ಖರೀದಿ ಭರಾಟೆ ಜೋರಾಗಿತ್ತು. ಮನೆ ಮನೆಗಳಲ್ಲಿ ಲಕ್ಷ್ಮಿ ಪೂಜೆ ನೆರವೇರಿಸಿ, ಹಣತೆ ಬೆಳಗಿಸಿ, ಆಕಾಶಬುಟ್ಟಿ ಕಟ್ಟಿ ಸಂಭ್ರಮಿಸಿದರು. ವ್ಯಾಪಾರಿಗಳು ಅಂಗಡಿಗಳಲ್ಲಿ ಪೂಜೆ ಸಲ್ಲಿಸಿ ಹೊಸ ಲೆಕ್ಕ ಆರಂಭಿಸಿದರು.
ವಿದ್ಯುದ್ ದೀಪಾಲಂಕಾರ
ನಗರದ ಪ್ರಮುಖ ವೃತ್ತಗಳು ಹಾಗೂ ಬೀದಿಗಳಲ್ಲಿ ವಿದ್ಯುದ್ ದೀಪಾಲಂಕಾರ ಮಾಡಲಾಗಿತ್ತು. ಅಂಗಡಿ ಮುಂಗಟ್ಟುಗಳು ಬಣ್ಣ ಬಣ್ಣದ ದೀಪಗಳಿಂದ ಕಂಗೊಳಿಸಿದವು. ರಾತ್ರಿ ವೇಳೆ ನಗರ ಜಗಮಗಿಸುತ್ತಿತ್ತು.
ಗ್ರಾಮೀಣ ಭಾಗಗಳಲ್ಲಿ ಗೋವುಗಳಿಗೆ ಸಿಂಗಾರ ಮಾಡಿ ಪೂಜೆ ಸಲ್ಲಿಸಲಾಯಿತು. ಮಕ್ಕಳು ಪಟಾಕಿ ಸಿಡಿಸಿ ಸಂಭ್ರಮಿಸಿದರು. ದೇವಸ್ಥಾನಗಳಲ್ಲಿ ದೀಪೋತ್ಸವ ನಡೆಯಿತು.
ಅಕಾಲಿಕ ಮಳೆ: ರೈತರಿಗೆ ತಪ್ಪದ ಗೋಳು
ಮುಂಡಗೋಡ: ತಾಲೂಕಿನಲ್ಲಿ ಕಳೆದ ಕೆಲ ದಿನಗಳಿಂದ ಸುರಿಯುತ್ತಿರುವ ಅಕಾಲಿಕ ಮಳೆಯಿಂದ ರೈತರು ಸಂಕಷ್ಟ ಎದುರಿಸುತ್ತಿದ್ದಾರೆ. ಕಟಾವಿಗೆ ಬಂದ ಭತ್ತದ ಬೆಳೆ ನೆಲಕಚ್ಚಿದೆ. ಒಣಗಿಸಲು ಹಾಕಿದ್ದ ಮೆಕ್ಕೆಜೋಳ ನೀರಿನಲ್ಲಿ ತೊಯ್ದು ಹಾನಿಯಾಗಿದೆ. ರೈತರು ಟಾರ್ಪಾಲ್ ಹೊದಿಸಿ ಬೆಳೆ ರಕ್ಷಿಸಲು ಹರಸಾಹಸ ಪಡುತ್ತಿದ್ದಾರೆ. ಸಂಬಂಧಪಟ್ಟ ಅಧಿಕಾರಿಗಳು ಕೂಡಲೇ ಸ್ಥಳಕ್ಕೆ ಭೇಟಿ ನೀಡಿ ಸಮೀಕ್ಷೆ ನಡೆಸಬೇಕು ಎಂಬುದು ರೈತರ ಆಗ್ರಹವಾಗಿದೆ.
ಕಾಳುಗಳ ರಾಶಿ ಮಾಡಿ ಹಾಕಿದ್ದು, ಮಳೆ ನೀರು ನುಗ್ಗಿ ಮೊಳಕೆಯೊಡೆಯುತ್ತಿವೆ. ಬೆಳೆ ನಷ್ಟಕ್ಕೆ ಸೂಕ್ತ ಪರಿಹಾರ ನೀಡಬೇಕು ಎಂದು ರೈತರು ಒತ್ತಾಯಿಸಿದ್ದಾರೆ.
ಸಂಬಂಧಪಟ್ಟ ಅಧಿಕಾರಿಗಳು ಕೂಡಲೇ ಸ್ಥಳಕ್ಕೆ ಭೇಟಿ ನೀಡಿ ಸಮೀಕ್ಷೆ ನಡೆಸಬೇಕು ಎಂಬುದು ರೈತರ ಆಗ್ರಹವಾಗಿದೆ. ತಾಲೂಕಿನಲ್ಲಿ ಕಳೆದ ಕೆಲ ದಿನಗಳಿಂದ ಸುರಿಯುತ್ತಿರುವ ಅಕಾಲಿಕ ಮಳೆಯಿಂದ ರೈತರು ಸಂಕಷ್ಟ ಎದುರಿಸುತ್ತಿದ್ದಾರೆ. ಕಟಾವಿಗೆ ಬಂದ ಭತ್ತದ ಬೆಳೆ ನೆಲಕಚ್ಚಿದೆ. ಒಣಗಿಸಲು ಹಾಕಿದ್ದ ಮೆಕ್ಕೆಜೋಳ ನೀರಿನಲ್ಲಿ ತೊಯ್ದು ಹಾನಿಯಾಗಿದೆ. ರೈತರು ಟಾರ್ಪಾಲ್ ಹೊದಿಸಿ ಬೆಳೆ ರಕ್ಷಿಸಲು ಹರಸಾಹಸ ಪಡುತ್ತಿದ್ದಾರೆ.
ತ್ವರಿತ ಮಾಹಿತಿ ಒದಗಿಸಲು ಆದ್ಯತೆ: ವೆಂಕಟ ಸಿಂಗ್
ಕಲಬುರಗಿ: ಸಾರ್ವಜನಿಕ ಮಾಹಿತಿ ಹಕ್ಕು ಕಾಯ್ದೆ ಅಡಿಯಲ್ಲಿ ಸಲ್ಲಿಸುವ ಅರ್ಜಿಗಳಿಗೆ ನಿಗದಿತ ಅವಧಿಯಲ್ಲಿ ತ್ವರಿತ ಮಾಹಿತಿ ಒದಗಿಸಲು ಆದ್ಯತೆ ನೀಡಬೇಕು ಎಂದು ಮಾಹಿತಿ ಆಯುಕ್ತ ವೆಂಕಟ ಸಿಂಗ್ ಅಧಿಕಾರಿಗಳಿಗೆ ಸೂಚಿಸಿದರು. ಜಿಲ್ಲಾಡಳಿತ ಭವನದಲ್ಲಿ ನಡೆದ ಸಭೆಯಲ್ಲಿ ಮಾತನಾಡಿದರು.
ಸಾರ್ವಜನಿಕ ಮಾಹಿತಿ ಹಕ್ಕು ಕಾಯ್ದೆ ಅಡಿಯಲ್ಲಿ ಸಲ್ಲಿಸುವ ಅರ್ಜಿಗಳಿಗೆ ನಿಗದಿತ ಅವಧಿಯಲ್ಲಿ ತ್ವರಿತ ಮಾಹಿತಿ ಒದಗಿಸಲು ಆದ್ಯತೆ ನೀಡಬೇಕು ಎಂದು ಮಾಹಿತಿ ಆಯುಕ್ತ ವೆಂಕಟ ಸಿಂಗ್ ಅಧಿಕಾರಿಗಳಿಗೆ ಸೂಚಿಸಿದರು. ಜಿಲ್ಲಾಡಳಿತ ಭವನದಲ್ಲಿ ನಡೆದ ಸಭೆಯಲ್ಲಿ ಮಾತನಾಡಿದರು.
ಜಿಲ್ಲಾವಾರು ಕಾರ್ಯಾಗಾರ
ಮಾಹಿತಿ ಹಕ್ಕು ಕಾಯ್ದೆ ಕುರಿತು ಎಲ್ಲ ಇಲಾಖೆಗಳ ಸಾರ್ವಜನಿಕ ಮಾಹಿತಿ ಅಧಿಕಾರಿಗಳಿಗೆ ಜಿಲ್ಲಾವಾರು ಕಾರ್ಯಾಗಾರ ಆಯೋಜಿಸಲಾಗುವುದು. ಅರ್ಜಿ ವಿಲೇವಾರಿ ಪ್ರಕ್ರಿಯೆ ಕುರಿತು ತರಬೇತಿ ನೀಡಲಾಗುವುದು.
ಉತ್ತರದಾಯಿತ್ವ ಹೆಚ್ಚಿಸಲು 2005ರಲ್ಲಿ ಕೇಂದ್ರ ಸರ್ಕಾರ ಈ ಕಾಯ್ದೆ ಜಾರಿಗೆ ತಂದಿದೆ. ಅರ್ಜಿದಾರರಿಗೆ 30 ದಿನಗಳೊಳಗೆ ಮಾಹಿತಿ ನೀಡಬೇಕು. ವಿಳಂಬ ಮಾಡಿದರೆ ದಂಡ ವಿಧಿಸಲಾಗುವುದು ಎಂದರು.
ಉತ್ತರದಾಯಿತ್ವ ಹೆಚ್ಚಿಸಲು 2005ರಲ್ಲಿ ಕೇಂದ್ರ ಸರ್ಕಾರ ಈ ಕಾಯ್ದೆ ಜಾರಿಗೆ ತಂದಿದೆ. ಅರ್ಜಿದಾರರಿಗೆ 30 ದಿನಗಳೊಳಗೆ ಮಾಹಿತಿ ನೀಡಬೇಕು. ವಿಳಂಬ ಮಾಡಿದರೆ ದಂಡ ವಿಧಿಸಲಾಗುವುದು ಎಂದರು. ಸಾರ್ವಜನಿಕ ಮಾಹಿತಿ ಹಕ್ಕು ಕಾಯ್ದೆ ಅಡಿಯಲ್ಲಿ ಸಲ್ಲಿಸುವ ಅರ್ಜಿಗಳಿಗೆ ನಿಗದಿತ ಅವಧಿಯಲ್ಲಿ ತ್ವರಿತ ಮಾಹಿತಿ ಒದಗಿಸಲು ಆದ್ಯತೆ ನೀಡಬೇಕು ಎಂದು ಮಾಹಿತಿ ಆಯುಕ್ತ ವೆಂಕಟ ಸಿಂಗ್ ಅಧಿಕಾರಿಗಳಿಗೆ ಸೂಚಿಸಿದರು. ಜಿಲ್ಲಾಡಳಿತ ಭವನದಲ್ಲಿ ನಡೆದ ಸಭೆಯಲ್ಲಿ ಮಾತನಾಡಿದರು.
ವಿವಾದಾತ್ಮಕ ಪೋಸ್ಟ್: ಪ್ರಕರಣ ದಾಖಲು
ಲಿಂಗಸುಗೂರು: ಸಾಮಾಜಿಕ ಜಾಲತಾಣದಲ್ಲಿ ವಿವಾದಾತ್ಮಕ ಪೋಸ್ಟ್ ಹಾಕಿದ ಆರೋಪದ ಮೇಲೆ ಯುವಕನೊಬ್ಬನ ವಿರುದ್ಧ ಪೊಲೀಸ್ ಠಾಣೆಯಲ್ಲಿ ಪ್ರಕರಣ ದಾಖಲಾಗಿದೆ. ಸಮುದಾಯದ ಭಾವನೆಗಳಿಗೆ ಧಕ್ಕೆ ತರುವ ರೀತಿಯಲ್ಲಿ ಪೋಸ್ಟ್ ಹಾಕಲಾಗಿತ್ತು ಎಂದು ದೂರು ನೀಡಲಾಗಿದೆ.
ಪೊಲೀಸರು ಪ್ರಕರಣ ದಾಖಲಿಸಿಕೊಂಡು ತನಿಖೆ ಕೈಗೊಂಡಿದ್ದಾರೆ. ಸಾಮಾಜಿಕ ಜಾಲತಾಣಗಳಲ್ಲಿ ಪ್ರಚೋದನಕಾರಿ ಪೋಸ್ಟ್ ಹಾಕುವವರ ವಿರುದ್ಧ ಕಠಿಣ ಕ್ರಮ ಕೈಗೊಳ್ಳಲಾಗುವುದು ಎಂದು ಪೊಲೀಸ್ ಅಧಿಕಾರಿಗಳು ಎಚ್ಚರಿಕೆ ನೀಡಿದ್ದಾರೆ. ನಾಗರಿಕರು ಶಾಂತಿ ಕಾಪಾಡಬೇಕು ಎಂದು ಮನವಿ ಮಾಡಿದ್ದಾರೆ.
ಸಾಮಾಜಿಕ ಜಾಲತಾಣದಲ್ಲಿ ವಿವಾದಾತ್ಮಕ ಪೋಸ್ಟ್ ಹಾಕಿದ ಆರೋಪದ ಮೇಲೆ ಯುವಕನೊಬ್ಬನ ವಿರುದ್ಧ ಪೊಲೀಸ್ ಠಾಣೆಯಲ್ಲಿ ಪ್ರಕರಣ ದಾಖಲಾಗಿದೆ. ಸಮುದಾಯದ ಭಾವನೆಗಳಿಗೆ ಧಕ್ಕೆ ತರುವ ರೀತಿಯಲ್ಲಿ ಪೋಸ್ಟ್ ಹಾಕಲಾಗಿತ್ತು ಎಂದು ದೂರು ನೀಡಲಾಗಿದೆ. ಪೊಲೀಸರು ಪ್ರಕರಣ ದಾಖಲಿಸಿಕೊಂಡು ತನಿಖೆ ಕೈಗೊಂಡಿದ್ದಾರೆ. ಸಾಮಾಜಿಕ ಜಾಲತಾಣಗಳಲ್ಲಿ ಪ್ರಚೋದನಕಾರಿ ಪೋಸ್ಟ್ ಹಾಕುವವರ ವಿರುದ್ಧ ಕಠಿಣ ಕ್ರಮ ಕೈಗೊಳ್ಳಲಾಗುವುದು ಎಂದು ಪೊಲೀಸ್ ಅಧಿಕಾರಿಗಳು ಎಚ್ಚರಿಕೆ ನೀಡಿದ್ದಾರೆ. ನಾಗರಿಕರು ಶಾಂತಿ ಕಾಪಾಡಬೇಕು ಎಂದು ಮನವಿ ಮಾಡಿದ್ದಾರೆ.
